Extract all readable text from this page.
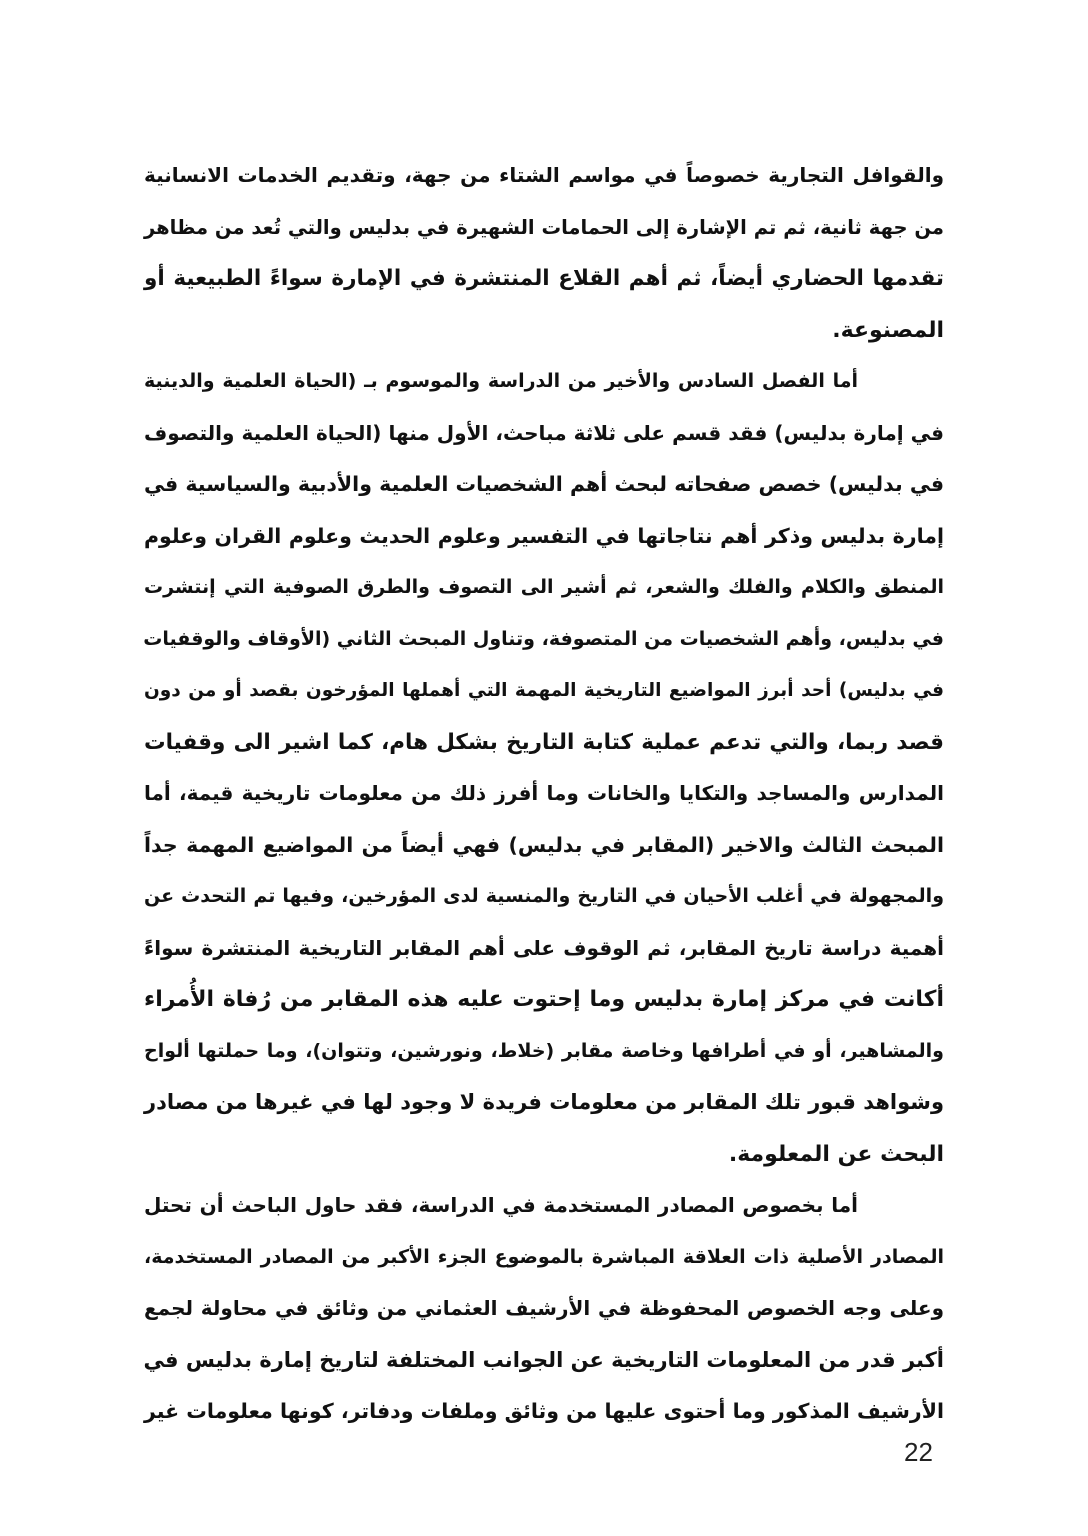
والقوافل التجارية خصوصاً في مواسم الشتاء من جهة، وتقديم الخدمات الانسانية
من جهة ثانية، ثم تم الإشارة إلى الحمامات الشهيرة في بدليس والتي تُعد من مظاهر
تقدمها الحضاري أيضاً، ثم أهم القلاع المنتشرة في الإمارة سواءً الطبيعية أو
المصنوعة.
أما الفصل السادس والأخير من الدراسة والموسوم بـ (الحياة العلمية والدينية
في إمارة بدليس) فقد قسم على ثلاثة مباحث، الأول منها (الحياة العلمية والتصوف
في بدليس) خصص صفحاته لبحث أهم الشخصيات العلمية والأدبية والسياسية في
إمارة بدليس وذكر أهم نتاجاتها في التفسير وعلوم الحديث وعلوم القران وعلوم
المنطق والكلام والفلك والشعر، ثم أشير الى التصوف والطرق الصوفية التي إنتشرت
في بدليس، وأهم الشخصيات من المتصوفة، وتناول المبحث الثاني (الأوقاف والوقفيات
في بدليس) أحد أبرز المواضيع التاريخية المهمة التي أهملها المؤرخون بقصد أو من دون
قصد ربما، والتي تدعم عملية كتابة التاريخ بشكل هام، كما اشير الى وقفيات
المدارس والمساجد والتكايا والخانات وما أفرز ذلك من معلومات تاريخية قيمة، أما
المبحث الثالث والاخير (المقابر في بدليس) فهي أيضاً من المواضيع المهمة جداً
والمجهولة في أغلب الأحيان في التاريخ والمنسية لدى المؤرخين، وفيها تم التحدث عن
أهمية دراسة تاريخ المقابر، ثم الوقوف على أهم المقابر التاريخية المنتشرة سواءً
أكانت في مركز إمارة بدليس وما إحتوت عليه هذه المقابر من رُفاة الأُمراء
والمشاهير، أو في أطرافها وخاصة مقابر (خلاط، ونورشين، وتتوان)، وما حملتها ألواح
وشواهد قبور تلك المقابر من معلومات فريدة لا وجود لها في غيرها من مصادر
البحث عن المعلومة.
أما بخصوص المصادر المستخدمة في الدراسة، فقد حاول الباحث أن تحتل
المصادر الأصلية ذات العلاقة المباشرة بالموضوع الجزء الأكبر من المصادر المستخدمة،
وعلى وجه الخصوص المحفوظة في الأرشيف العثماني من وثائق في محاولة لجمع
أكبر قدر من المعلومات التاريخية عن الجوانب المختلفة لتاريخ إمارة بدليس في
الأرشيف المذكور وما أحتوى عليها من وثائق وملفات ودفاتر، كونها معلومات غير
22
